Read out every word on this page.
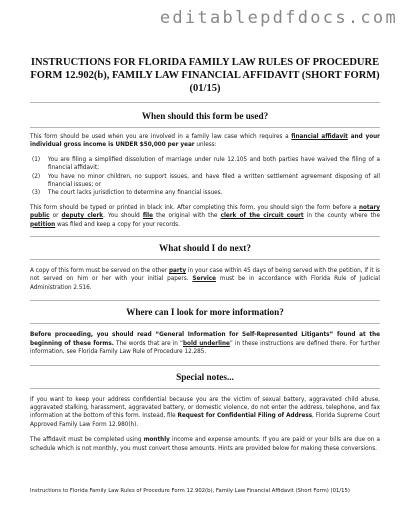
editablepdfdocs.com
INSTRUCTIONS FOR FLORIDA FAMILY LAW RULES OF PROCEDURE FORM 12.902(b), FAMILY LAW FINANCIAL AFFIDAVIT (SHORT FORM) (01/15)
When should this form be used?

This form should be used when you are involved in a family law case which requires a financial affidavit and your individual gross income is UNDER $50,000 per year unless:

(1)	You are filing a simplified dissolution of marriage under rule 12.105 and both parties have waived the filing of a financial affidavit;
(2)	You have no minor children, no support issues, and have filed a written settlement agreement disposing of all financial issues; or
(3)	The court lacks jurisdiction to determine any financial issues.

This form should be typed or printed in black ink. After completing this form, you should sign the form before a notary public or deputy clerk. You should file the original with the clerk of the circuit court in the county where the petition was filed and keep a copy for your records.

What should I do next?

A copy of this form must be served on the other party in your case within 45 days of being served with the petition, if it is not served on him or her with your initial papers. Service must be in accordance with Florida Rule of Judicial Administration 2.516.

Where can I look for more information?

Before proceeding, you should read “General Information for Self-Represented Litigants” found at the beginning of these forms. The words that are in “bold underline” in these instructions are defined there. For further information, see Florida Family Law Rule of Procedure 12.285.

Special notes...

If you want to keep your address confidential because you are the victim of sexual battery, aggravated child abuse, aggravated stalking, harassment, aggravated battery, or domestic violence, do not enter the address, telephone, and fax information at the bottom of this form. Instead, file Request for Confidential Filing of Address, Florida Supreme Court Approved Family Law Form 12.980(h).

The affidavit must be completed using monthly income and expense amounts. If you are paid or your bills are due on a schedule which is not monthly, you must convert those amounts. Hints are provided below for making these conversions.

Instructions to Florida Family Law Rules of Procedure Form 12.902(b), Family Law Financial Affidavit (Short Form) (01/15)
